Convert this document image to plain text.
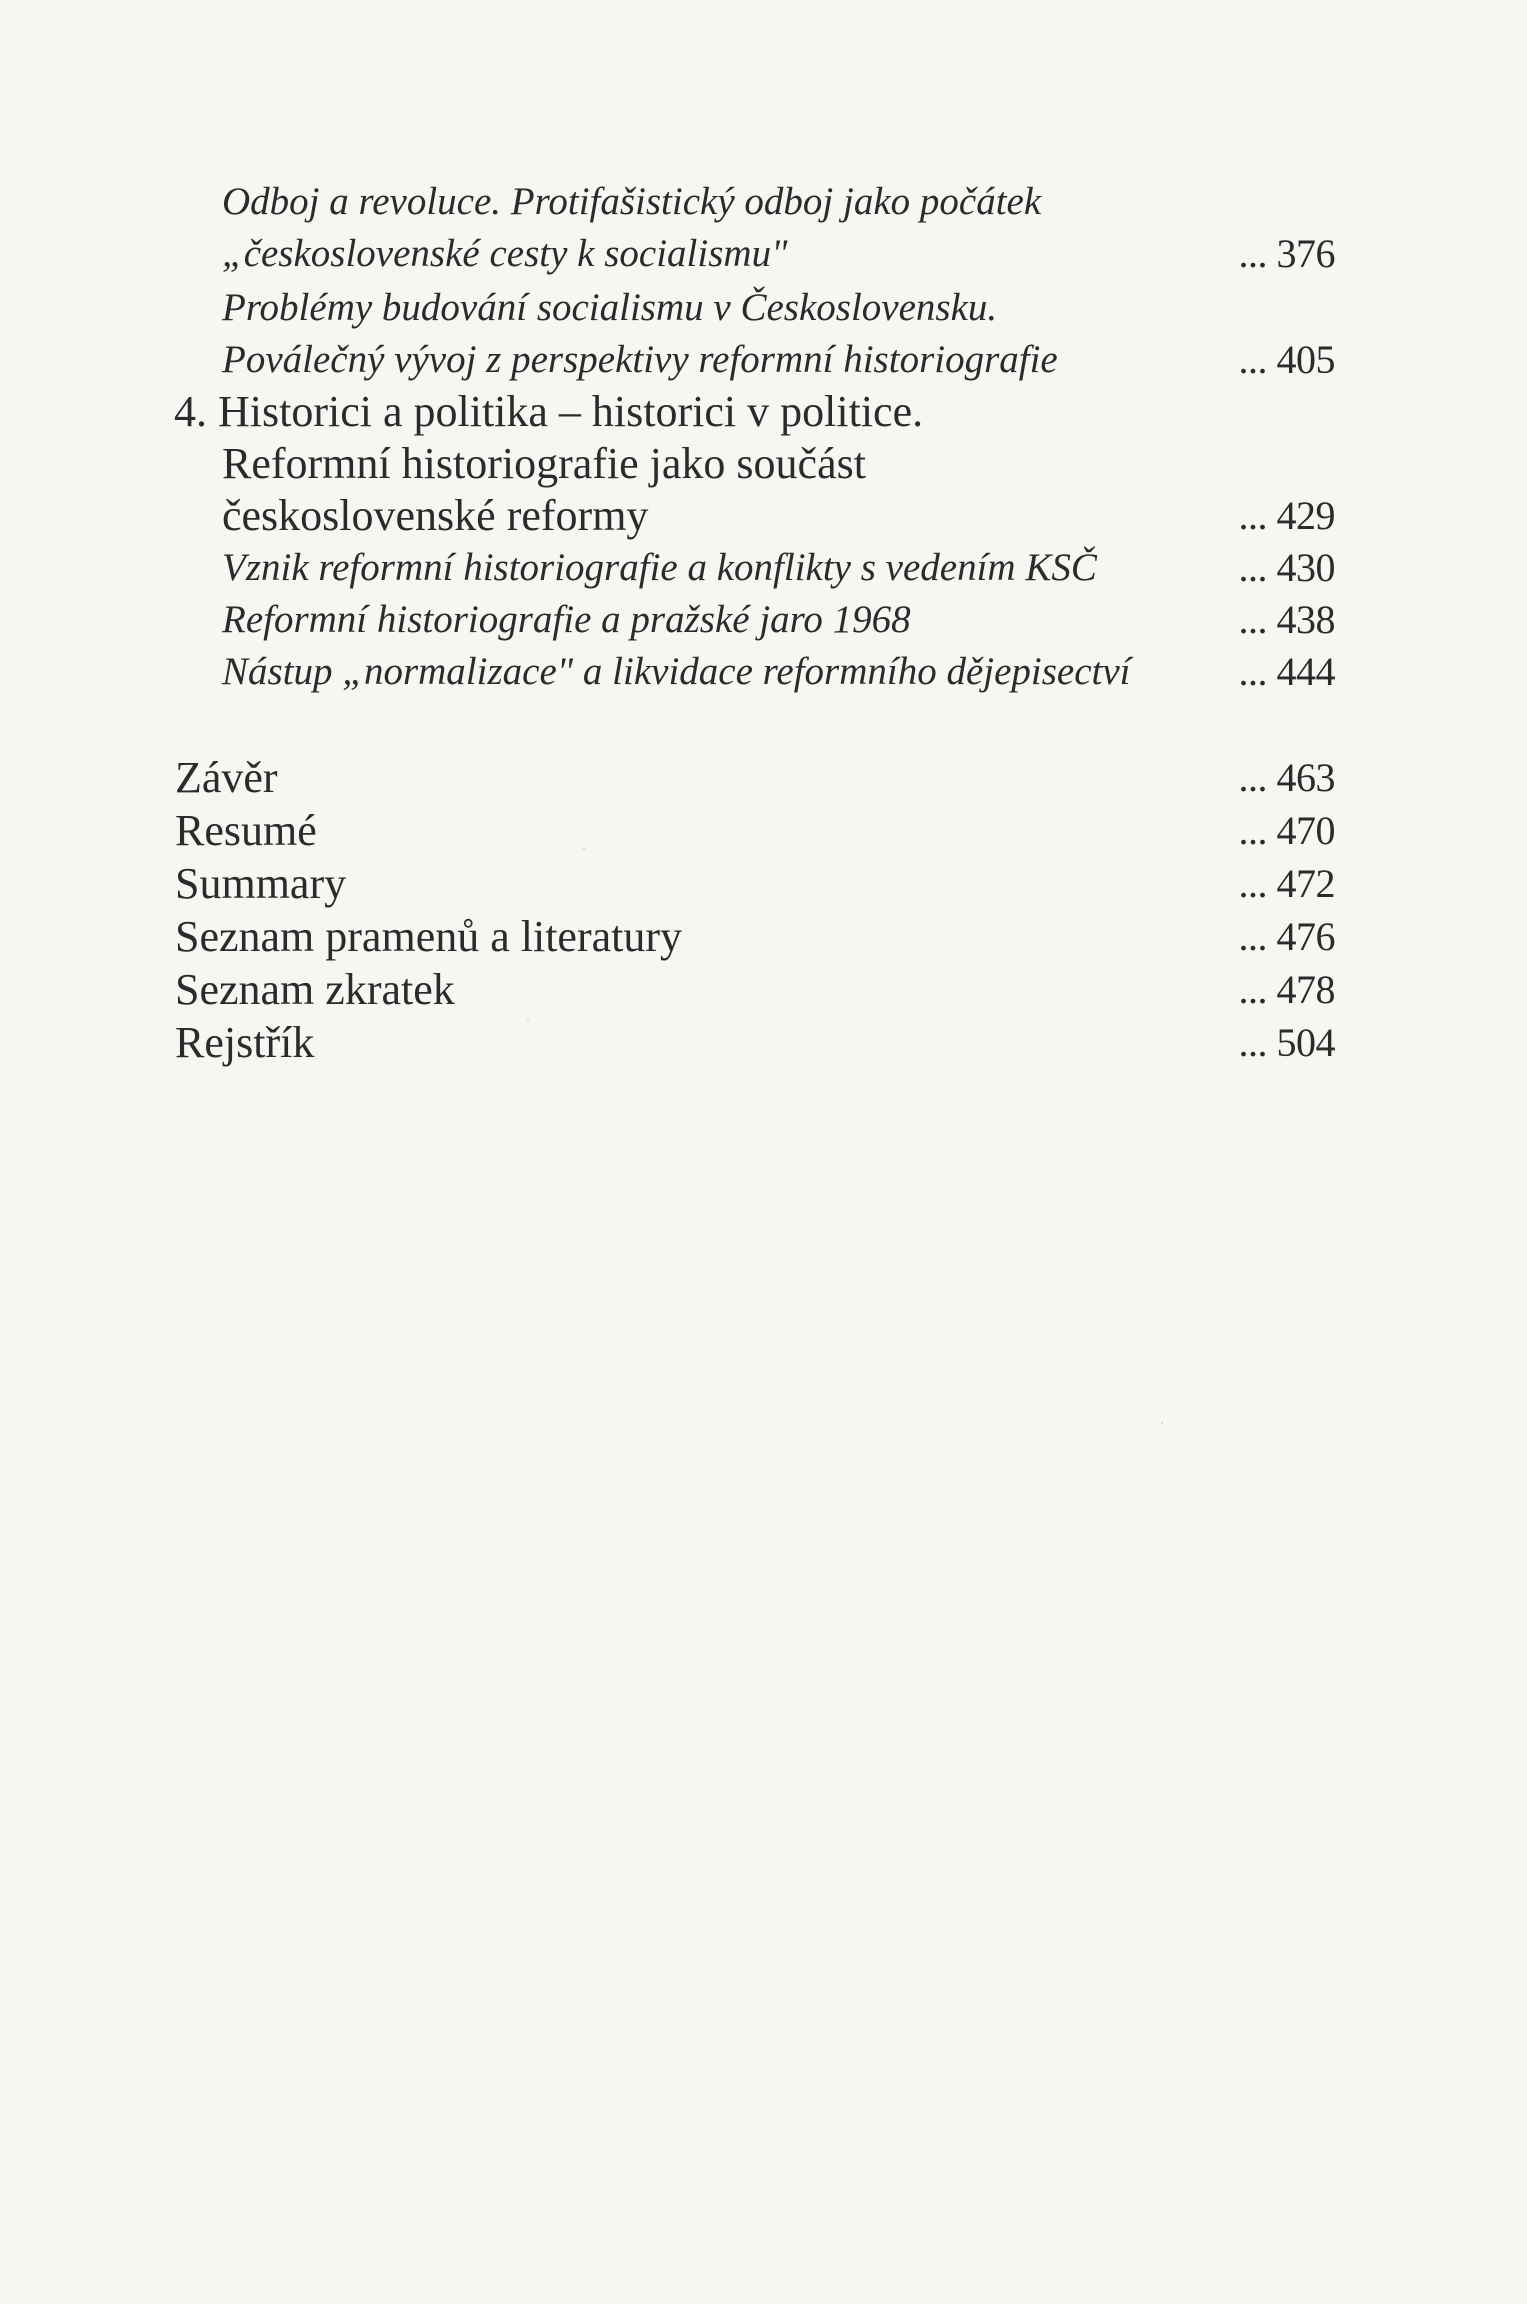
Odboj a revoluce. Protifašistický odboj jako počátek
„československé cesty k socialismu"	... 376
Problémy budování socialismu v Československu.
Poválečný vývoj z perspektivy reformní historiografie	... 405
4. Historici a politika – historici v politice.
Reformní historiografie jako součást
československé reformy	... 429
Vznik reformní historiografie a konflikty s vedením KSČ	... 430
Reformní historiografie a pražské jaro 1968	... 438
Nástup „normalizace" a likvidace reformního dějepisectví	... 444
Závěr	... 463
Resumé	... 470
Summary	... 472
Seznam pramenů a literatury	... 476
Seznam zkratek	... 478
Rejstřík	... 504
